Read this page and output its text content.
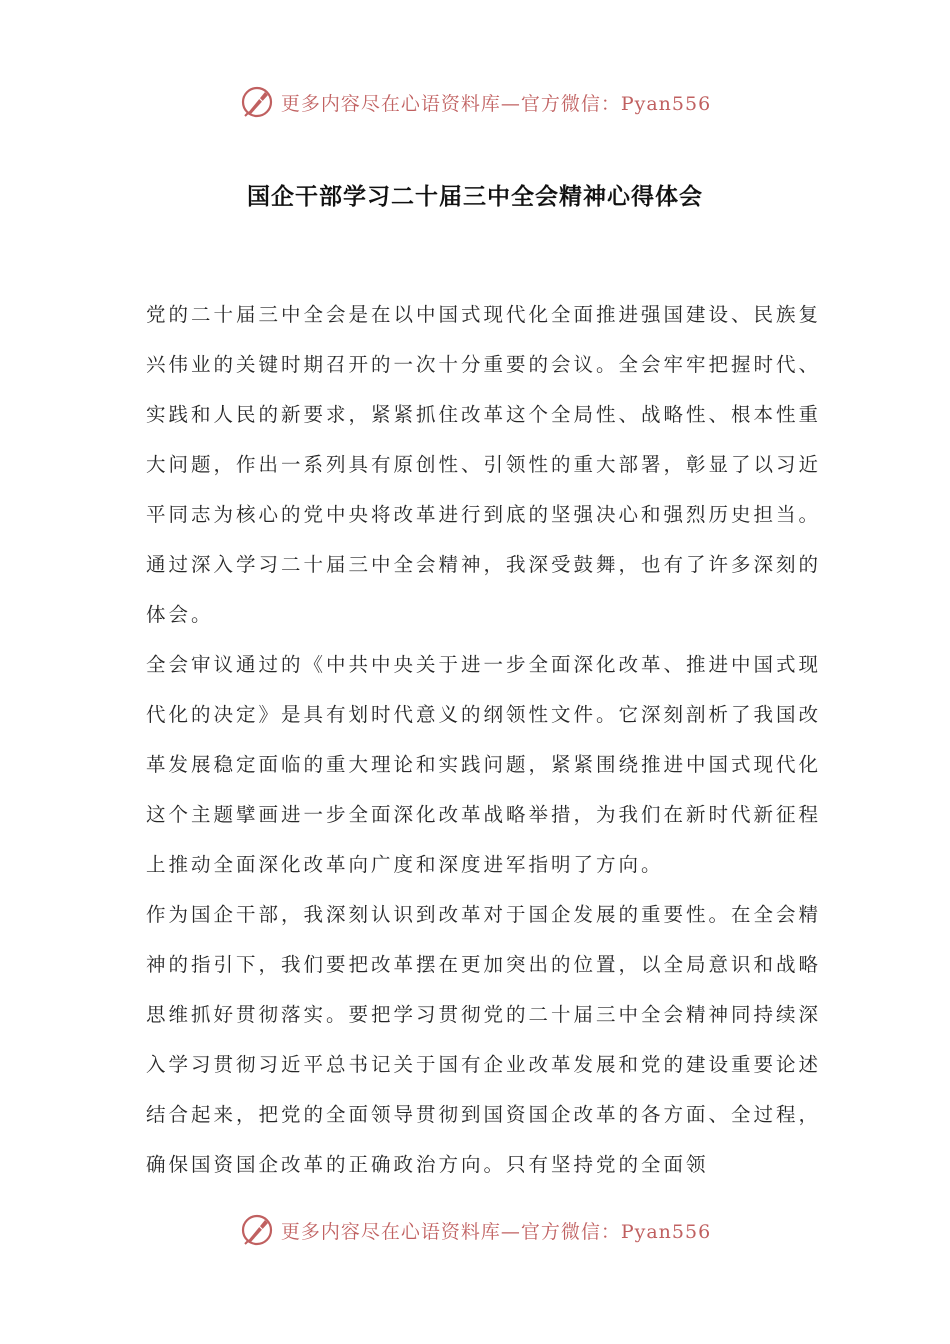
更多内容尽在心语资料库—官方微信：Pyan556
国企干部学习二十届三中全会精神心得体会

党的二十届三中全会是在以中国式现代化全面推进强国建设、民族复兴伟业的关键时期召开的一次十分重要的会议。全会牢牢把握时代、实践和人民的新要求，紧紧抓住改革这个全局性、战略性、根本性重大问题，作出一系列具有原创性、引领性的重大部署，彰显了以习近平同志为核心的党中央将改革进行到底的坚强决心和强烈历史担当。通过深入学习二十届三中全会精神，我深受鼓舞，也有了许多深刻的体会。

全会审议通过的《中共中央关于进一步全面深化改革、推进中国式现代化的决定》是具有划时代意义的纲领性文件。它深刻剖析了我国改革发展稳定面临的重大理论和实践问题，紧紧围绕推进中国式现代化这个主题擘画进一步全面深化改革战略举措，为我们在新时代新征程上推动全面深化改革向广度和深度进军指明了方向。

作为国企干部，我深刻认识到改革对于国企发展的重要性。在全会精神的指引下，我们要把改革摆在更加突出的位置，以全局意识和战略思维抓好贯彻落实。要把学习贯彻党的二十届三中全会精神同持续深入学习贯彻习近平总书记关于国有企业改革发展和党的建设重要论述结合起来，把党的全面领导贯彻到国资国企改革的各方面、全过程，确保国资国企改革的正确政治方向。只有坚持党的全面领

更多内容尽在心语资料库—官方微信：Pyan556
